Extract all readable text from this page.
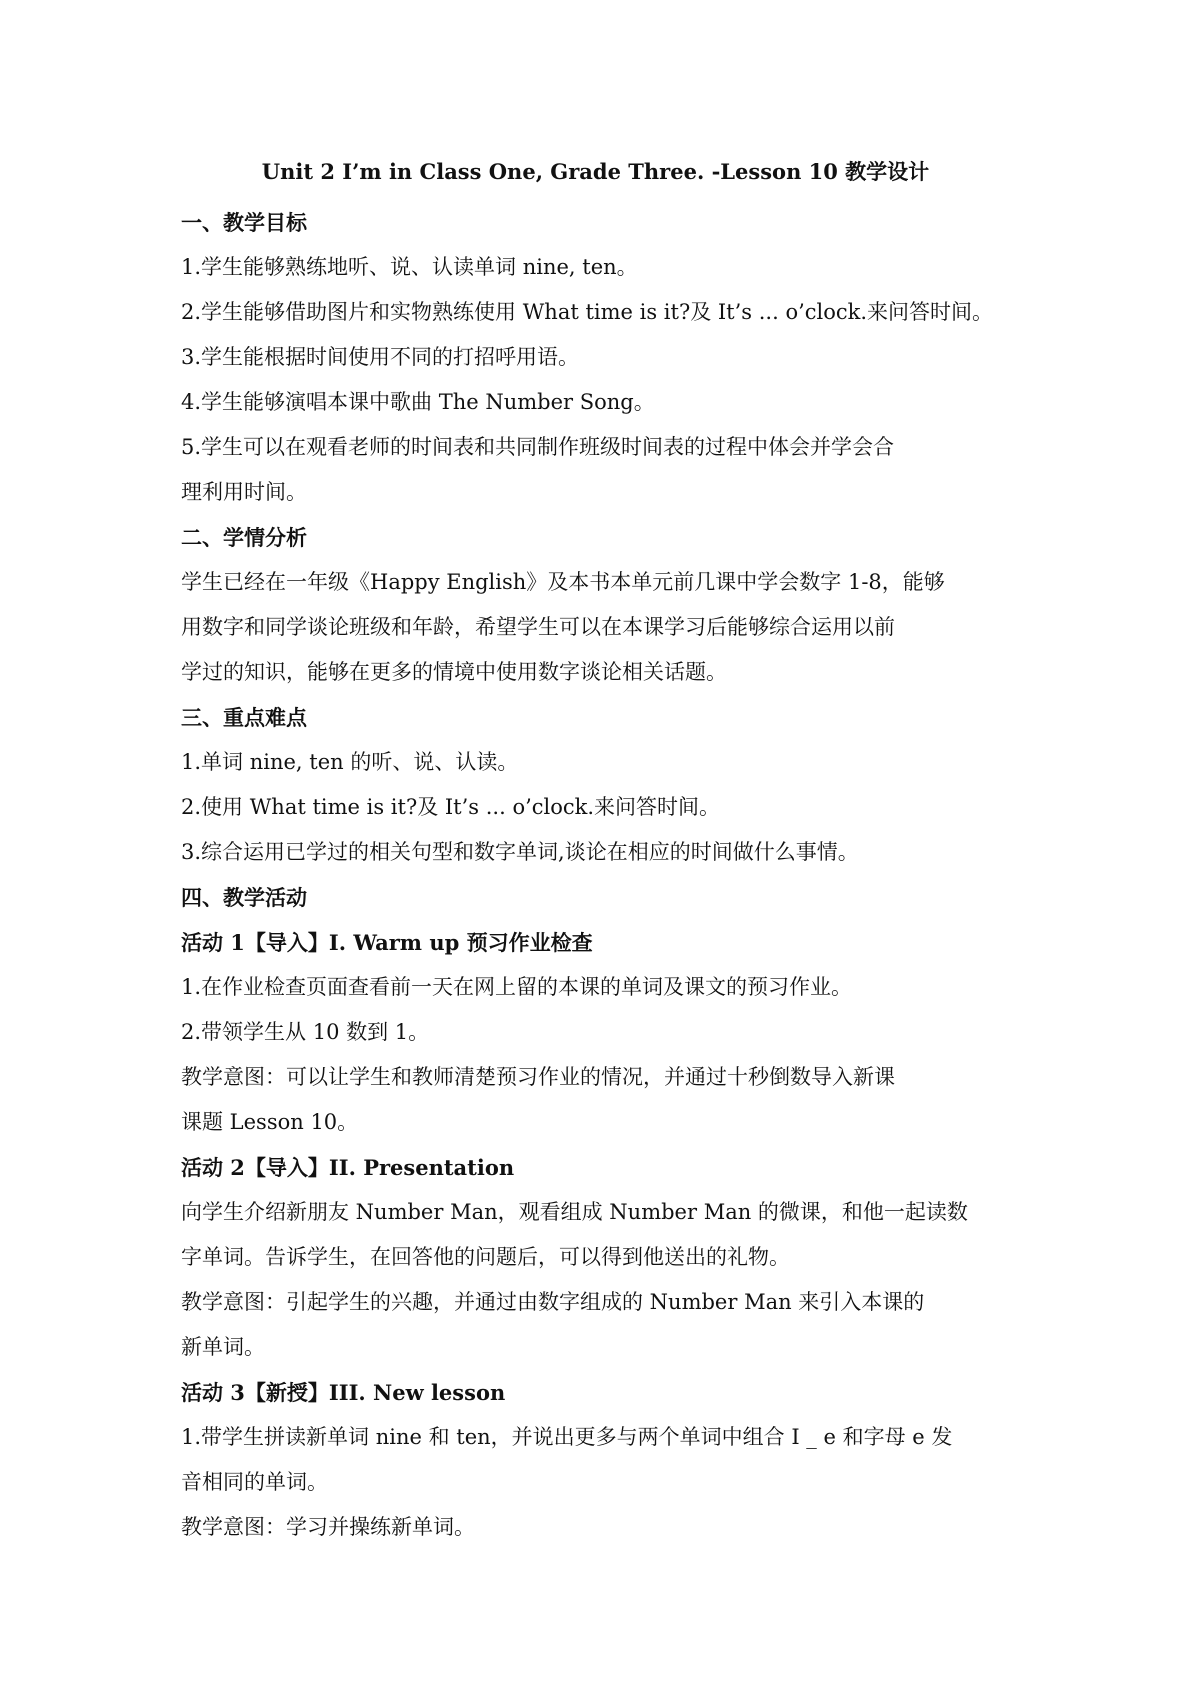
Unit 2 I’m in Class One, Grade Three. -Lesson 10 教学设计
一、教学目标
1.学生能够熟练地听、说、认读单词 nine, ten。
2.学生能够借助图片和实物熟练使用 What time is it?及 It’s ... o’clock.来问答时间。
3.学生能根据时间使用不同的打招呼用语。
4.学生能够演唱本课中歌曲 The Number Song。
5.学生可以在观看老师的时间表和共同制作班级时间表的过程中体会并学会合
理利用时间。
二、学情分析
学生已经在一年级《Happy English》及本书本单元前几课中学会数字 1-8，能够
用数字和同学谈论班级和年龄，希望学生可以在本课学习后能够综合运用以前
学过的知识，能够在更多的情境中使用数字谈论相关话题。
三、重点难点
1.单词 nine, ten 的听、说、认读。
2.使用 What time is it?及 It’s ... o’clock.来问答时间。
3.综合运用已学过的相关句型和数字单词,谈论在相应的时间做什么事情。
四、教学活动
活动 1【导入】I. Warm up 预习作业检查
1.在作业检查页面查看前一天在网上留的本课的单词及课文的预习作业。
2.带领学生从 10 数到 1。
教学意图：可以让学生和教师清楚预习作业的情况，并通过十秒倒数导入新课
课题 Lesson 10。
活动 2【导入】II. Presentation
向学生介绍新朋友 Number Man，观看组成 Number Man 的微课，和他一起读数
字单词。告诉学生，在回答他的问题后，可以得到他送出的礼物。
教学意图：引起学生的兴趣，并通过由数字组成的 Number Man 来引入本课的
新单词。
活动 3【新授】III. New lesson
1.带学生拼读新单词 nine 和 ten，并说出更多与两个单词中组合 I _ e 和字母 e 发
音相同的单词。
教学意图：学习并操练新单词。
